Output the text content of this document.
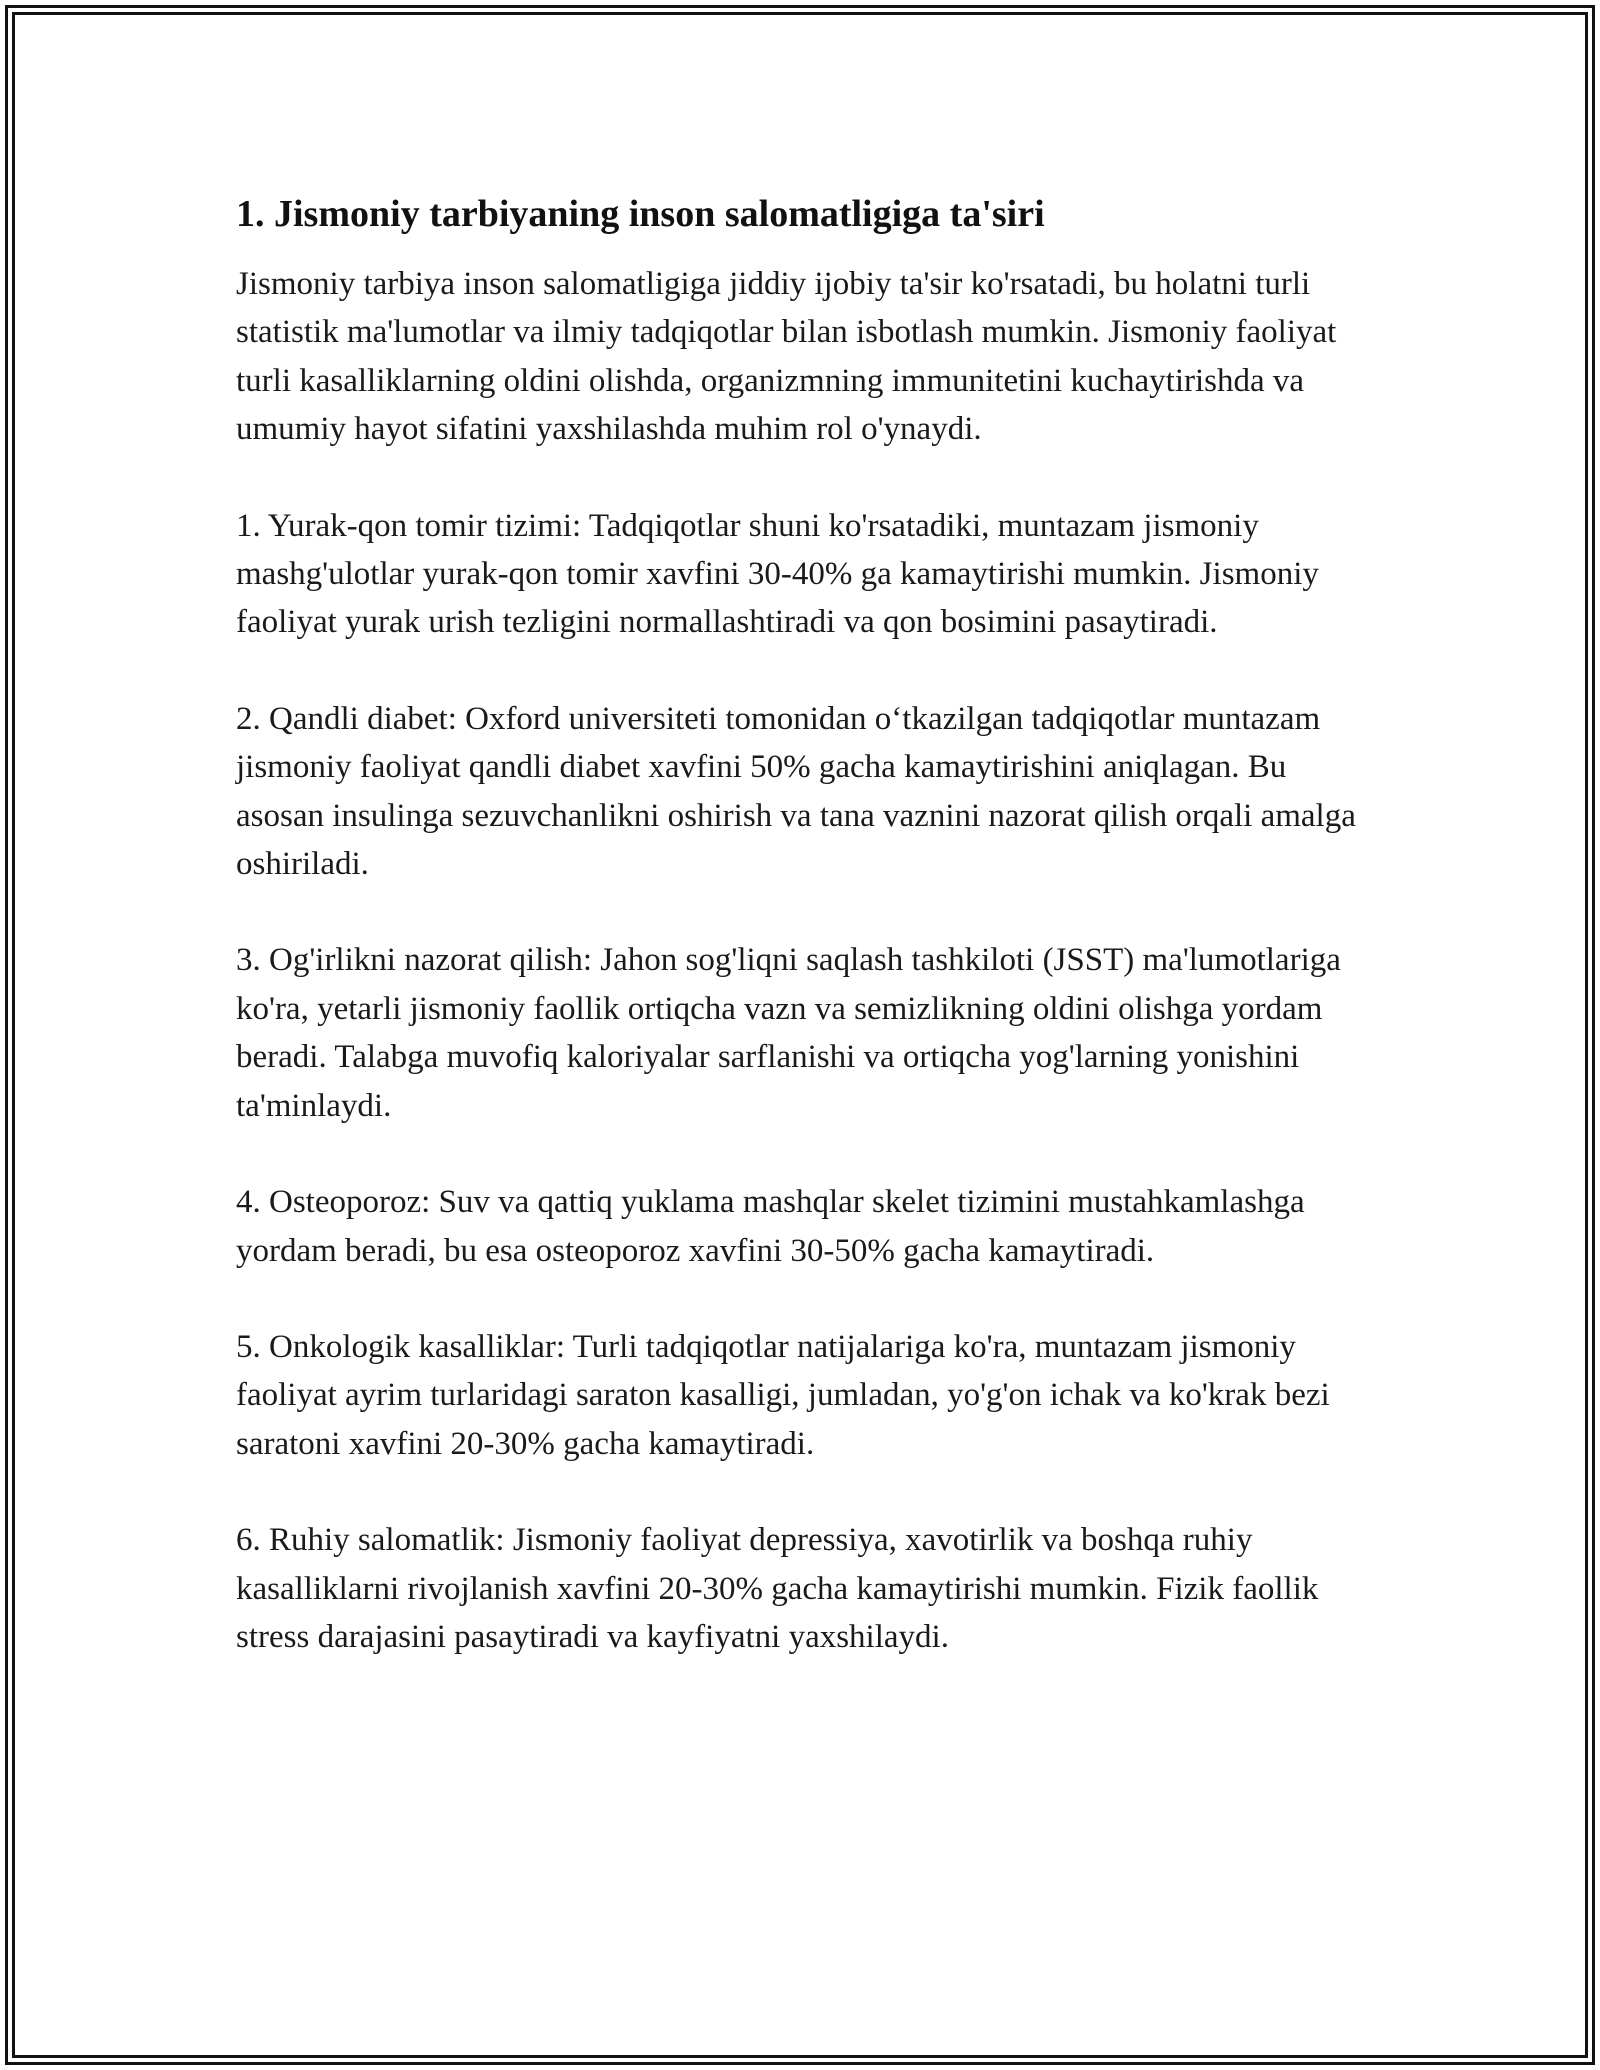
1. Jismoniy tarbiyaning inson salomatligiga ta'siri

Jismoniy tarbiya inson salomatligiga jiddiy ijobiy ta'sir ko'rsatadi, bu holatni turli statistik ma'lumotlar va ilmiy tadqiqotlar bilan isbotlash mumkin. Jismoniy faoliyat turli kasalliklarning oldini olishda, organizmning immunitetini kuchaytirishda va umumiy hayot sifatini yaxshilashda muhim rol o'ynaydi.

1. Yurak-qon tomir tizimi: Tadqiqotlar shuni ko'rsatadiki, muntazam jismoniy mashg'ulotlar yurak-qon tomir xavfini 30-40% ga kamaytirishi mumkin. Jismoniy faoliyat yurak urish tezligini normallashtiradi va qon bosimini pasaytiradi.

2. Qandli diabet: Oxford universiteti tomonidan o‘tkazilgan tadqiqotlar muntazam jismoniy faoliyat qandli diabet xavfini 50% gacha kamaytirishini aniqlagan. Bu asosan insulinga sezuvchanlikni oshirish va tana vaznini nazorat qilish orqali amalga oshiriladi.

3. Og'irlikni nazorat qilish: Jahon sog'liqni saqlash tashkiloti (JSST) ma'lumotlariga ko'ra, yetarli jismoniy faollik ortiqcha vazn va semizlikning oldini olishga yordam beradi. Talabga muvofiq kaloriyalar sarflanishi va ortiqcha yog'larning yonishini ta'minlaydi.

4. Osteoporoz: Suv va qattiq yuklama mashqlar skelet tizimini mustahkamlashga yordam beradi, bu esa osteoporoz xavfini 30-50% gacha kamaytiradi.

5. Onkologik kasalliklar: Turli tadqiqotlar natijalariga ko'ra, muntazam jismoniy faoliyat ayrim turlaridagi saraton kasalligi, jumladan, yo'g'on ichak va ko'krak bezi saratoni xavfini 20-30% gacha kamaytiradi.

6. Ruhiy salomatlik: Jismoniy faoliyat depressiya, xavotirlik va boshqa ruhiy kasalliklarni rivojlanish xavfini 20-30% gacha kamaytirishi mumkin. Fizik faollik stress darajasini pasaytiradi va kayfiyatni yaxshilaydi.
